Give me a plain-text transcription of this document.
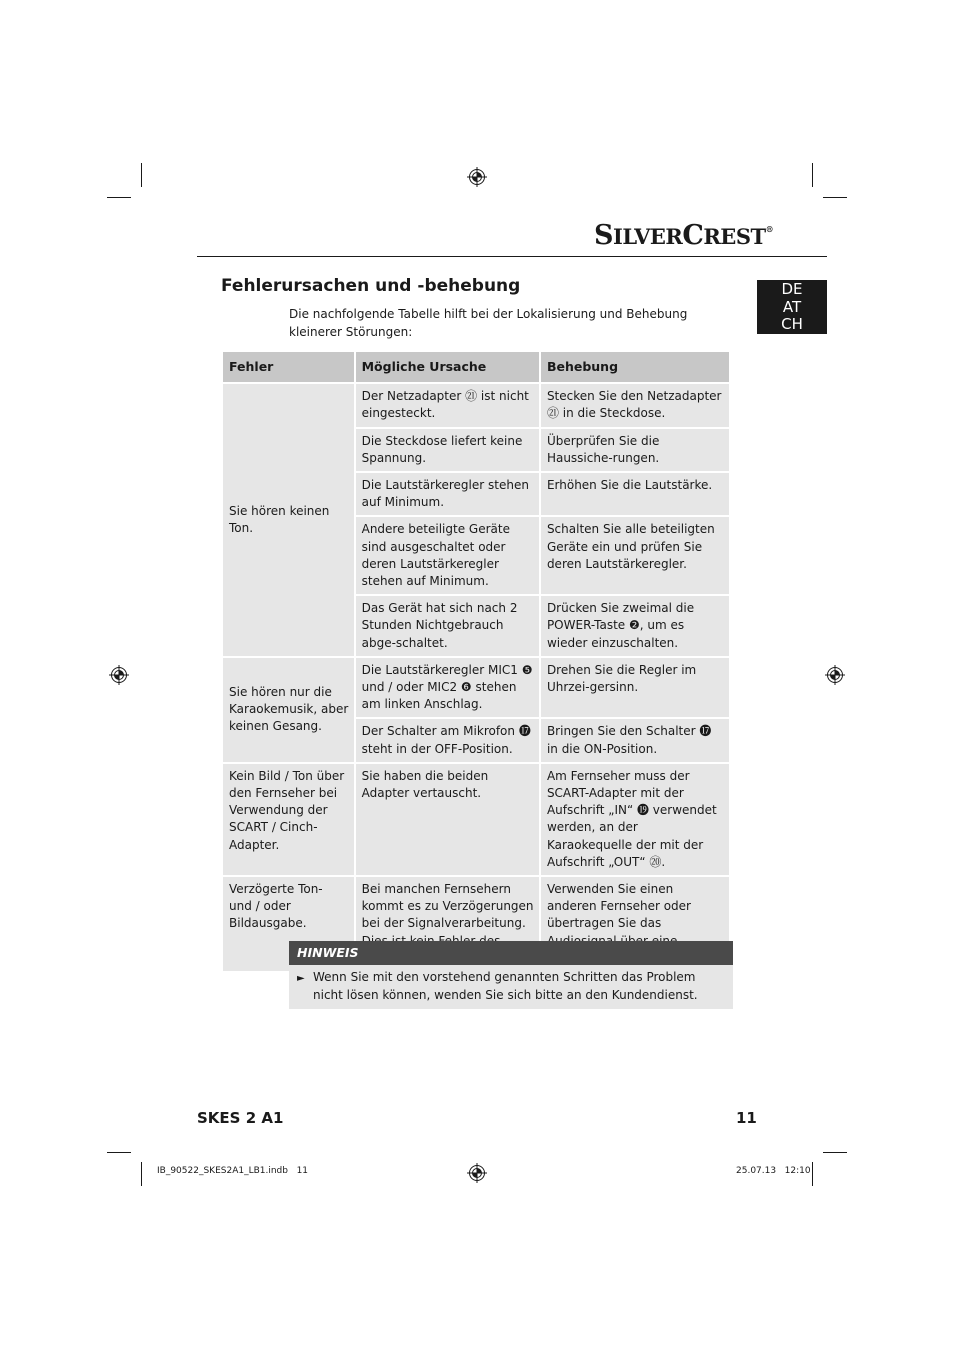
SILVERCREST®
DE
AT
CH
Fehlerursachen und -behebung

Die nachfolgende Tabelle hilft bei der Lokalisierung und Behebung kleinerer Störungen:

Fehler	Mögliche Ursache	Behebung
Sie hören keinen Ton.	Der Netzadapter ㉑ ist nicht eingesteckt.	Stecken Sie den Netzadapter ㉑ in die Steckdose.
	Die Steckdose liefert keine Spannung.	Überprüfen Sie die Haussiche-rungen.
	Die Lautstärkeregler stehen auf Minimum.	Erhöhen Sie die Lautstärke.
	Andere beteiligte Geräte sind ausgeschaltet oder deren Lautstärkeregler stehen auf Minimum.	Schalten Sie alle beteiligten Geräte ein und prüfen Sie deren Lautstärkeregler.
	Das Gerät hat sich nach 2 Stunden Nichtgebrauch abge-schaltet.	Drücken Sie zweimal die POWER-Taste ❷, um es wieder einzuschalten.
Sie hören nur die Karaokemusik, aber keinen Gesang.	Die Lautstärkeregler MIC1 ❺ und / oder MIC2 ❻ stehen am linken Anschlag.	Drehen Sie die Regler im Uhrzei-gersinn.
	Der Schalter am Mikrofon ⓱ steht in der OFF-Position.	Bringen Sie den Schalter ⓱ in die ON-Position.
Kein Bild / Ton über den Fernseher bei Verwendung der SCART / Cinch-Adapter.	Sie haben die beiden Adapter vertauscht.	Am Fernseher muss der SCART-Adapter mit der Aufschrift „IN“ ⓳ verwendet werden, an der Karaokequelle der mit der Aufschrift „OUT“ ⑳.
Verzögerte Ton- und / oder Bildausgabe.	Bei manchen Fernsehern kommt es zu Verzögerungen bei der Signalverarbeitung.	Verwenden Sie einen anderen Fernseher oder übertragen Sie das
HINWEIS
► Wenn Sie mit den vorstehend genannten Schritten das Problem nicht lösen können, wenden Sie sich bitte an den Kundendienst.
SKES 2 A1	11
IB_90522_SKES2A1_LB1.indb   11	25.07.13   12:10
